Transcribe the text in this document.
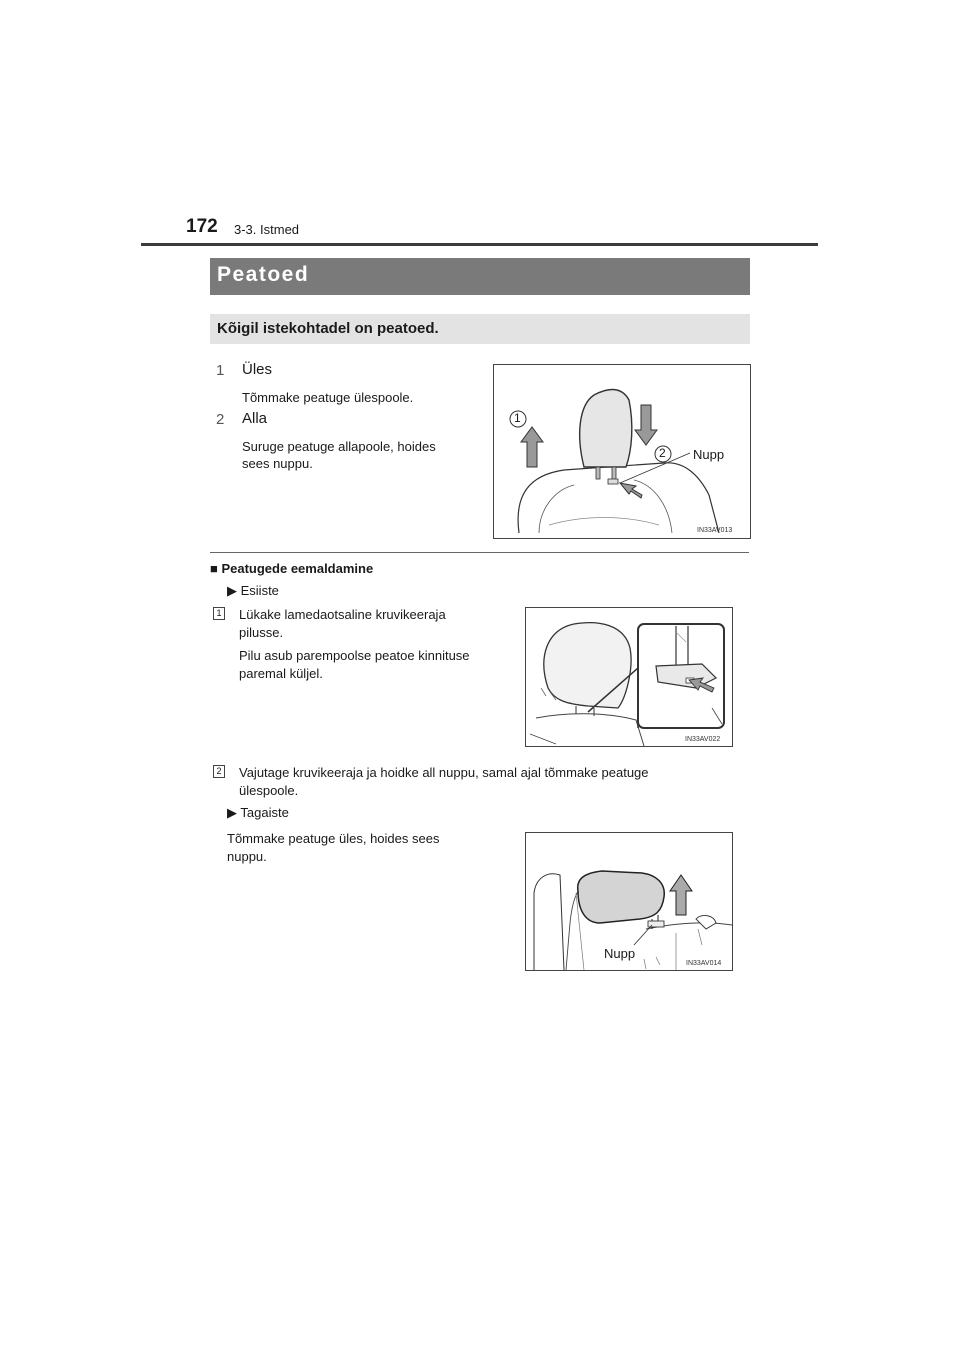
172 3-3. Istmed
Peatoed
Kõigil istekohtadel on peatoed.
1 Üles
Tõmmake peatuge ülespoole.
2 Alla
Suruge peatuge allapoole, hoides
sees nuppu.
1
2 Nupp
IN33AV013
■ Peatugede eemaldamine
▶ Esiiste
1 Lükake lamedaotsaline kruvikeeraja
pilusse.
Pilu asub parempoolse peatoe kinnituse
paremal küljel.
IN33AV022
2 Vajutage kruvikeeraja ja hoidke all nuppu, samal ajal tõmmake peatuge
ülespoole.
▶ Tagaiste
Tõmmake peatuge üles, hoides sees
nuppu.
Nupp
IN33AV014
